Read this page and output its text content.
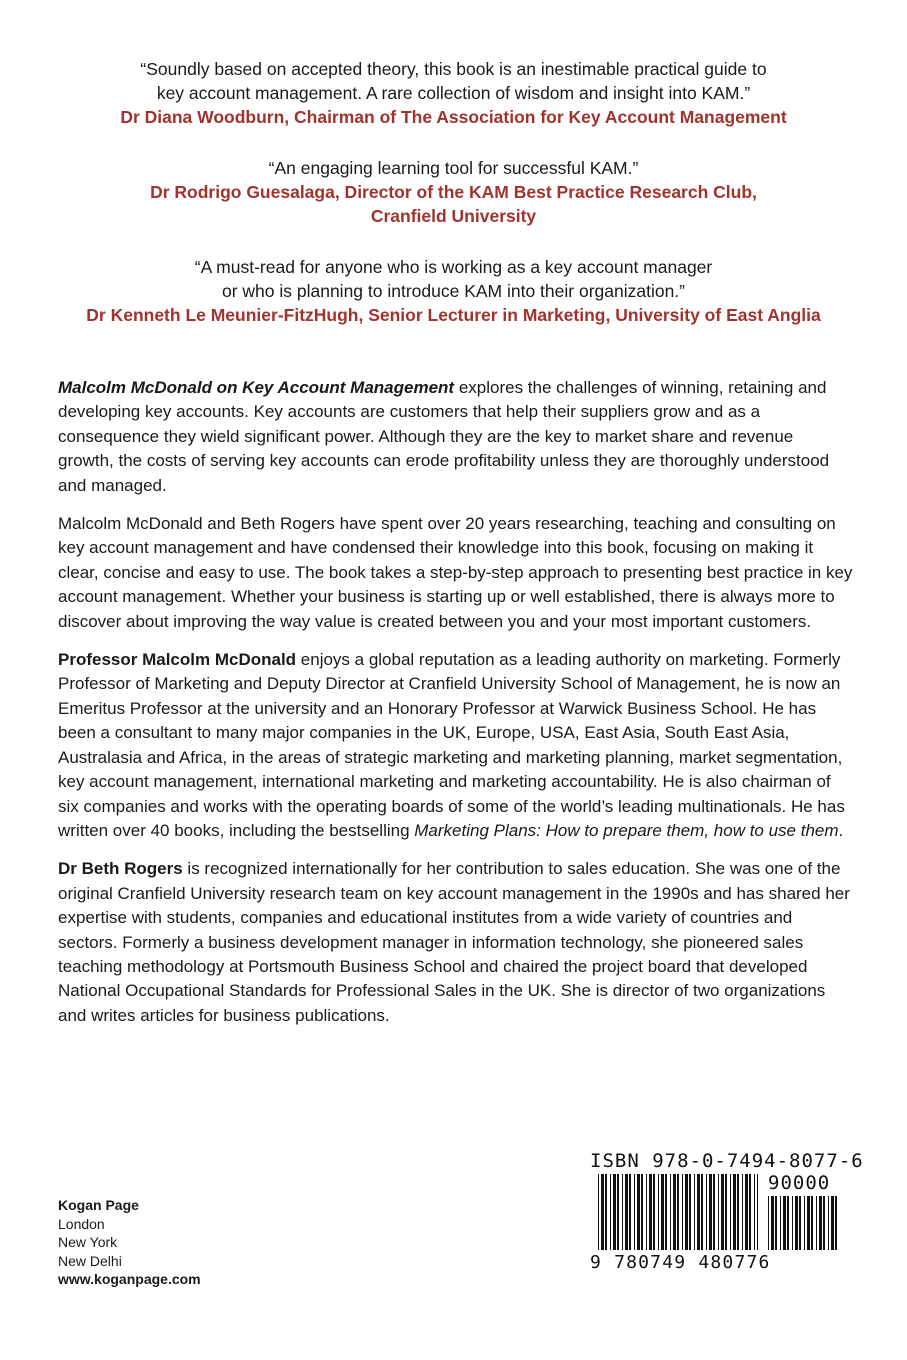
“Soundly based on accepted theory, this book is an inestimable practical guide to
key account management. A rare collection of wisdom and insight into KAM.”
Dr Diana Woodburn, Chairman of The Association for Key Account Management
“An engaging learning tool for successful KAM.”
Dr Rodrigo Guesalaga, Director of the KAM Best Practice Research Club,
Cranfield University
“A must-read for anyone who is working as a key account manager
or who is planning to introduce KAM into their organization.”
Dr Kenneth Le Meunier-FitzHugh, Senior Lecturer in Marketing, University of East Anglia

Malcolm McDonald on Key Account Management explores the challenges of winning, retaining and developing key accounts. Key accounts are customers that help their suppliers grow and as a consequence they wield significant power. Although they are the key to market share and revenue growth, the costs of serving key accounts can erode profitability unless they are thoroughly understood and managed.

Malcolm McDonald and Beth Rogers have spent over 20 years researching, teaching and consulting on key account management and have condensed their knowledge into this book, focusing on making it clear, concise and easy to use. The book takes a step-by-step approach to presenting best practice in key account management. Whether your business is starting up or well established, there is always more to discover about improving the way value is created between you and your most important customers.

Professor Malcolm McDonald enjoys a global reputation as a leading authority on marketing. Formerly Professor of Marketing and Deputy Director at Cranfield University School of Management, he is now an Emeritus Professor at the university and an Honorary Professor at Warwick Business School. He has been a consultant to many major companies in the UK, Europe, USA, East Asia, South East Asia, Australasia and Africa, in the areas of strategic marketing and marketing planning, market segmentation, key account management, international marketing and marketing accountability. He is also chairman of six companies and works with the operating boards of some of the world’s leading multinationals. He has written over 40 books, including the bestselling Marketing Plans: How to prepare them, how to use them.

Dr Beth Rogers is recognized internationally for her contribution to sales education. She was one of the original Cranfield University research team on key account management in the 1990s and has shared her expertise with students, companies and educational institutes from a wide variety of countries and sectors. Formerly a business development manager in information technology, she pioneered sales teaching methodology at Portsmouth Business School and chaired the project board that developed National Occupational Standards for Professional Sales in the UK. She is director of two organizations and writes articles for business publications.

Kogan Page
London
New York
New Delhi
www.koganpage.com
ISBN 978-0-7494-8077-6
90000
9 780749 480776
